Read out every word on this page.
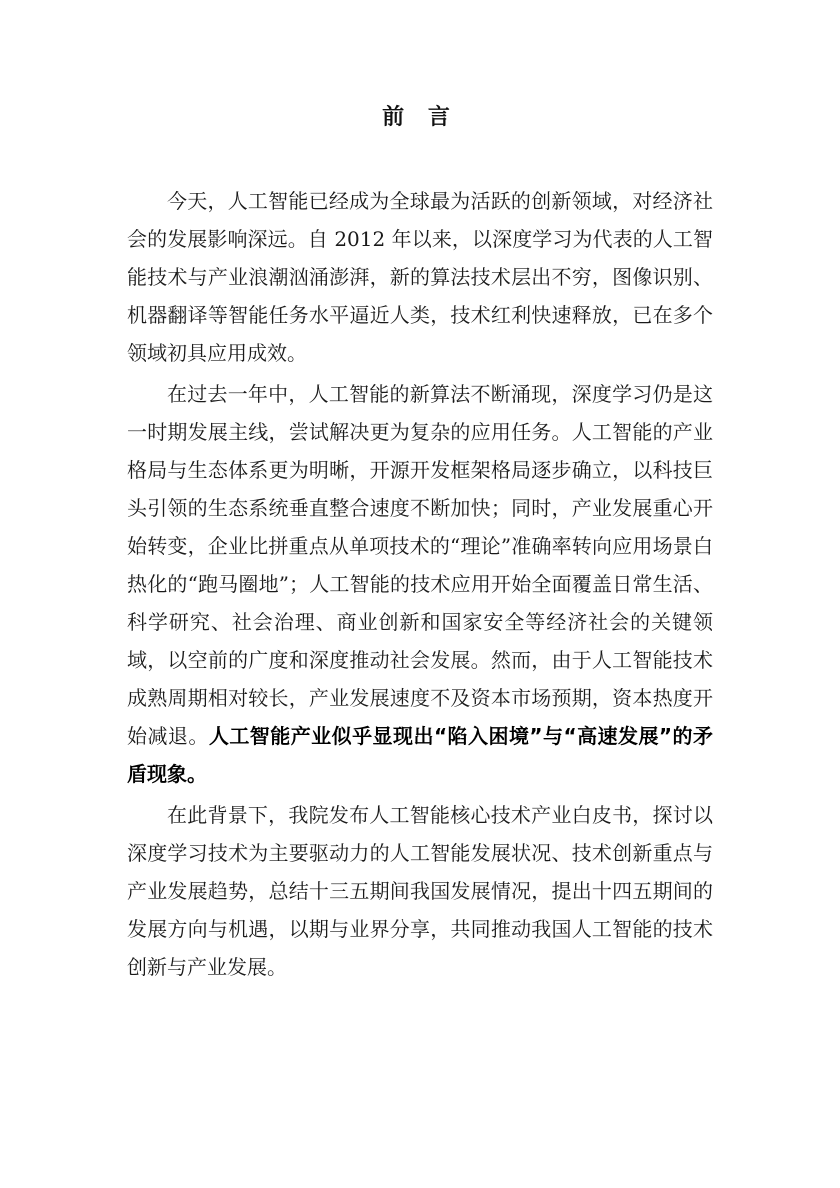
前 言

今天，人工智能已经成为全球最为活跃的创新领域，对经济社会的发展影响深远。自 2012 年以来，以深度学习为代表的人工智能技术与产业浪潮汹涌澎湃，新的算法技术层出不穷，图像识别、机器翻译等智能任务水平逼近人类，技术红利快速释放，已在多个领域初具应用成效。

在过去一年中，人工智能的新算法不断涌现，深度学习仍是这一时期发展主线，尝试解决更为复杂的应用任务。人工智能的产业格局与生态体系更为明晰，开源开发框架格局逐步确立，以科技巨头引领的生态系统垂直整合速度不断加快；同时，产业发展重心开始转变，企业比拼重点从单项技术的“理论”准确率转向应用场景白热化的“跑马圈地”；人工智能的技术应用开始全面覆盖日常生活、科学研究、社会治理、商业创新和国家安全等经济社会的关键领域，以空前的广度和深度推动社会发展。然而，由于人工智能技术成熟周期相对较长，产业发展速度不及资本市场预期，资本热度开始减退。人工智能产业似乎显现出“陷入困境”与“高速发展”的矛盾现象。

在此背景下，我院发布人工智能核心技术产业白皮书，探讨以深度学习技术为主要驱动力的人工智能发展状况、技术创新重点与产业发展趋势，总结十三五期间我国发展情况，提出十四五期间的发展方向与机遇，以期与业界分享，共同推动我国人工智能的技术创新与产业发展。
